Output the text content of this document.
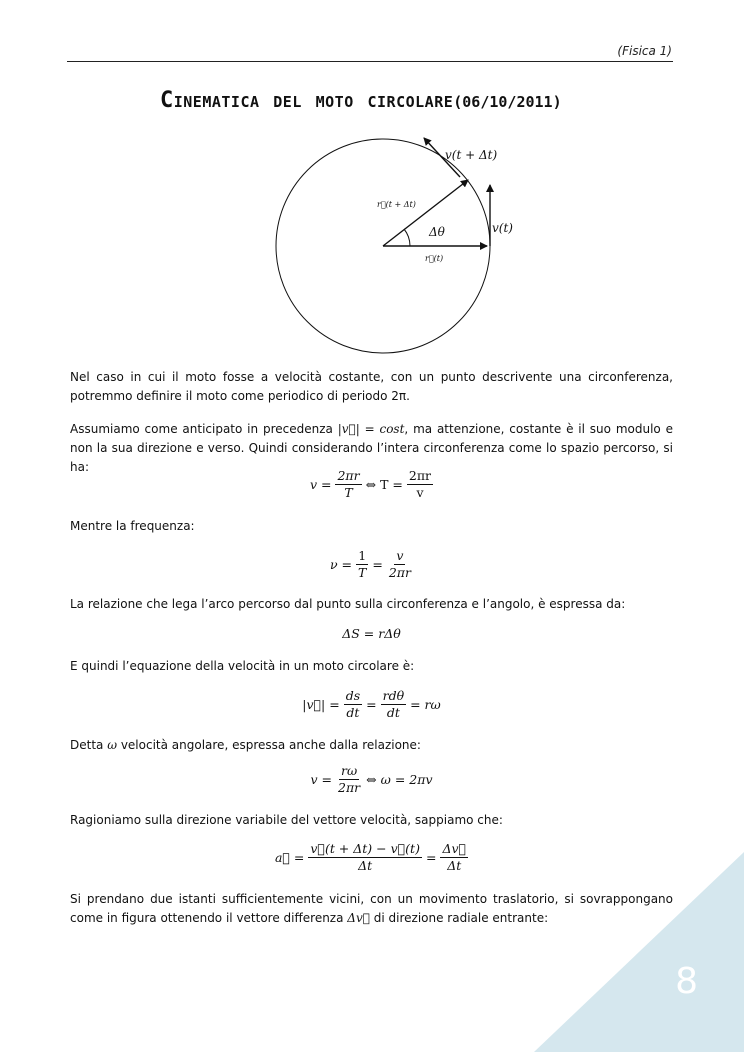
(Fisica 1)
Cinematica del moto circolare(06/10/2011)
v(t + Δt)
v(t)
r⃗(t + Δt)
Δθ
r⃗(t)
Nel caso in cui il moto fosse a velocità costante, con un punto descrivente una circonferenza, potremmo definire il moto come periodico di periodo 2π.
Assumiamo come anticipato in precedenza |v⃗| = cost, ma attenzione, costante è il suo modulo e non la sua direzione e verso. Quindi considerando l’intera circonferenza come lo spazio percorso, si ha:
$v = \frac{2\pi r}{T}$ ⇔ $T = \frac{2\pi r}{v}$
Mentre la frequenza:
$\nu = \frac{1}{T} = \frac{v}{2\pi r}$
La relazione che lega l’arco percorso dal punto sulla circonferenza e l’angolo, è espressa da:
ΔS = rΔθ
E quindi l’equazione della velocità in un moto circolare è:
|v⃗| = $\frac{ds}{dt} = \frac{\text{rdθ}}{dt} = r\omega$
Detta ω velocità angolare, espressa anche dalla relazione:
$v = \frac{r\omega}{2\pi r}$ ⇔ ω = 2πv
Ragioniamo sulla direzione variabile del vettore velocità, sappiamo che:
a⃗ = $\frac{v⃗(t + \Delta t) - v⃗(t)}{\Delta t} = \frac{\Delta v⃗}{\Delta t}$
Si prendano due istanti sufficientemente vicini, con un movimento traslatorio, si sovrappongano come in figura ottenendo il vettore differenza Δv⃗ di direzione radiale entrante:
8
